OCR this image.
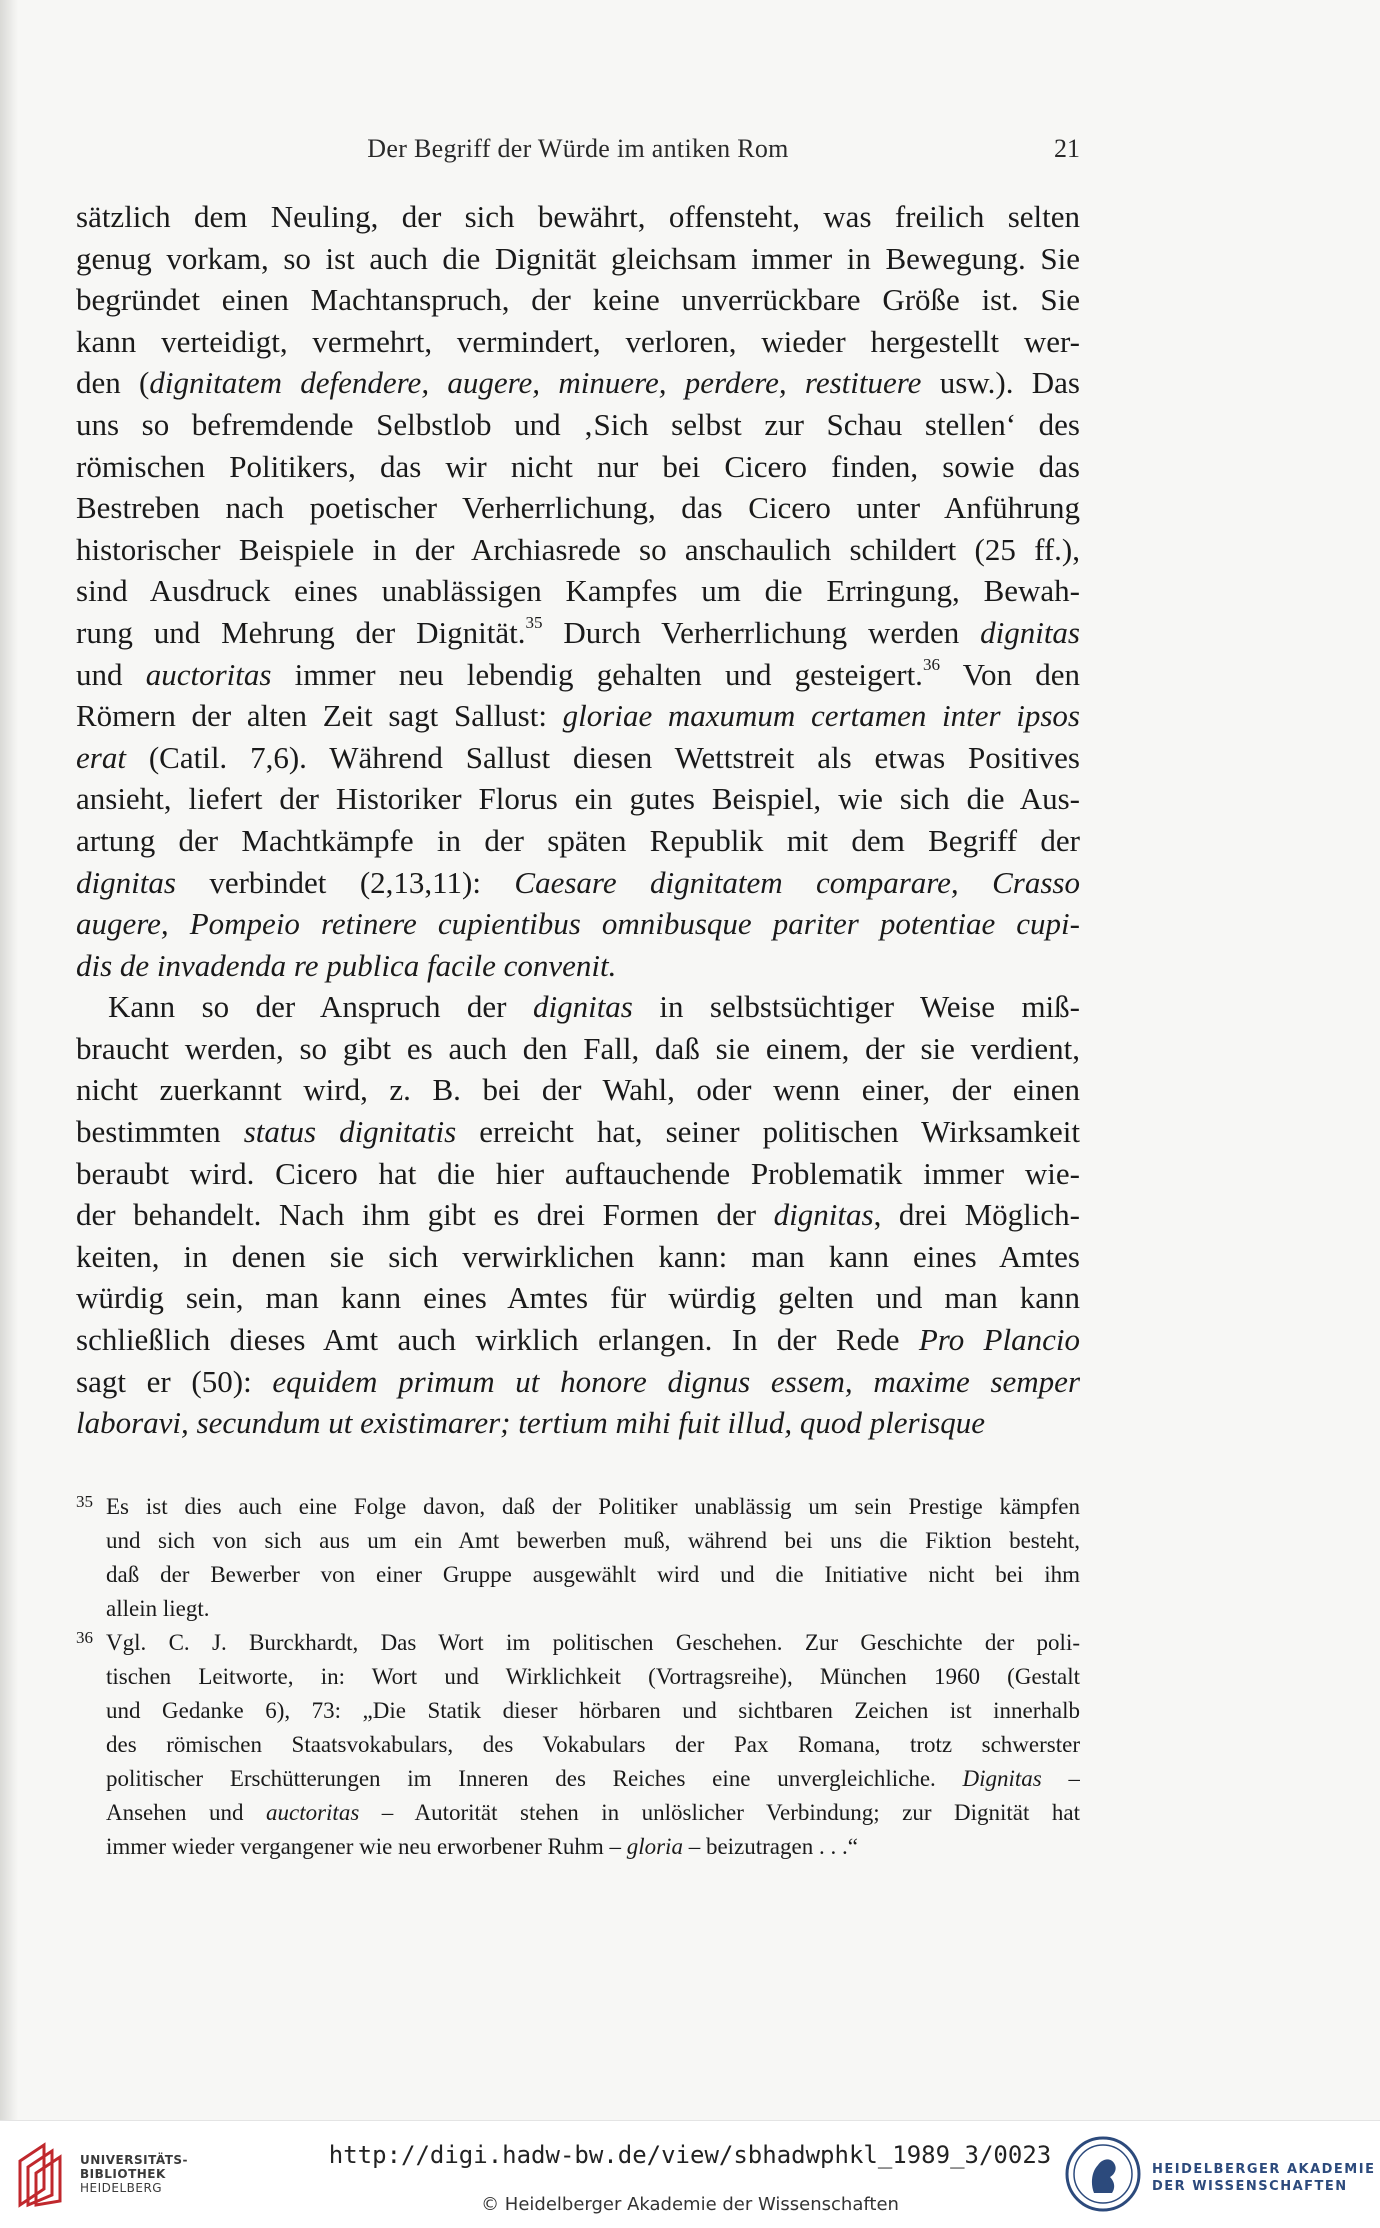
Der Begriff der Würde im antiken Rom	21
sätzlich dem Neuling, der sich bewährt, offensteht, was freilich selten
genug vorkam, so ist auch die Dignität gleichsam immer in Bewegung. Sie
begründet einen Machtanspruch, der keine unverrückbare Größe ist. Sie
kann verteidigt, vermehrt, vermindert, verloren, wieder hergestellt wer-
den (dignitatem defendere, augere, minuere, perdere, restituere usw.). Das
uns so befremdende Selbstlob und ‚Sich selbst zur Schau stellen‘ des
römischen Politikers, das wir nicht nur bei Cicero finden, sowie das
Bestreben nach poetischer Verherrlichung, das Cicero unter Anführung
historischer Beispiele in der Archiasrede so anschaulich schildert (25 ff.),
sind Ausdruck eines unablässigen Kampfes um die Erringung, Bewah-
rung und Mehrung der Dignität.$^{35}$ Durch Verherrlichung werden dignitas
und auctoritas immer neu lebendig gehalten und gesteigert.$^{36}$ Von den
Römern der alten Zeit sagt Sallust: gloriae maxumum certamen inter ipsos
erat (Catil. 7,6). Während Sallust diesen Wettstreit als etwas Positives
ansieht, liefert der Historiker Florus ein gutes Beispiel, wie sich die Aus-
artung der Machtkämpfe in der späten Republik mit dem Begriff der
dignitas verbindet (2,13,11): Caesare dignitatem comparare, Crasso
augere, Pompeio retinere cupientibus omnibusque pariter potentiae cupi-
dis de invadenda re publica facile convenit.
Kann so der Anspruch der dignitas in selbstsüchtiger Weise miß-
braucht werden, so gibt es auch den Fall, daß sie einem, der sie verdient,
nicht zuerkannt wird, z. B. bei der Wahl, oder wenn einer, der einen
bestimmten status dignitatis erreicht hat, seiner politischen Wirksamkeit
beraubt wird. Cicero hat die hier auftauchende Problematik immer wie-
der behandelt. Nach ihm gibt es drei Formen der dignitas, drei Möglich-
keiten, in denen sie sich verwirklichen kann: man kann eines Amtes
würdig sein, man kann eines Amtes für würdig gelten und man kann
schließlich dieses Amt auch wirklich erlangen. In der Rede Pro Plancio
sagt er (50): equidem primum ut honore dignus essem, maxime semper
laboravi, secundum ut existimarer; tertium mihi fuit illud, quod plerisque
35 Es ist dies auch eine Folge davon, daß der Politiker unablässig um sein Prestige kämpfen
und sich von sich aus um ein Amt bewerben muß, während bei uns die Fiktion besteht,
daß der Bewerber von einer Gruppe ausgewählt wird und die Initiative nicht bei ihm
allein liegt.
36 Vgl. C. J. Burckhardt, Das Wort im politischen Geschehen. Zur Geschichte der poli-
tischen Leitworte, in: Wort und Wirklichkeit (Vortragsreihe), München 1960 (Gestalt
und Gedanke 6), 73: „Die Statik dieser hörbaren und sichtbaren Zeichen ist innerhalb
des römischen Staatsvokabulars, des Vokabulars der Pax Romana, trotz schwerster
politischer Erschütterungen im Inneren des Reiches eine unvergleichliche. Dignitas –
Ansehen und auctoritas – Autorität stehen in unlöslicher Verbindung; zur Dignität hat
immer wieder vergangener wie neu erworbener Ruhm – gloria – beizutragen . . .“
UNIVERSITÄTS-
BIBLIOTHEK
HEIDELBERG
http://digi.hadw-bw.de/view/sbhadwphkl_1989_3/0023
© Heidelberger Akademie der Wissenschaften
HEIDELBERGER AKADEMIE
DER WISSENSCHAFTEN
